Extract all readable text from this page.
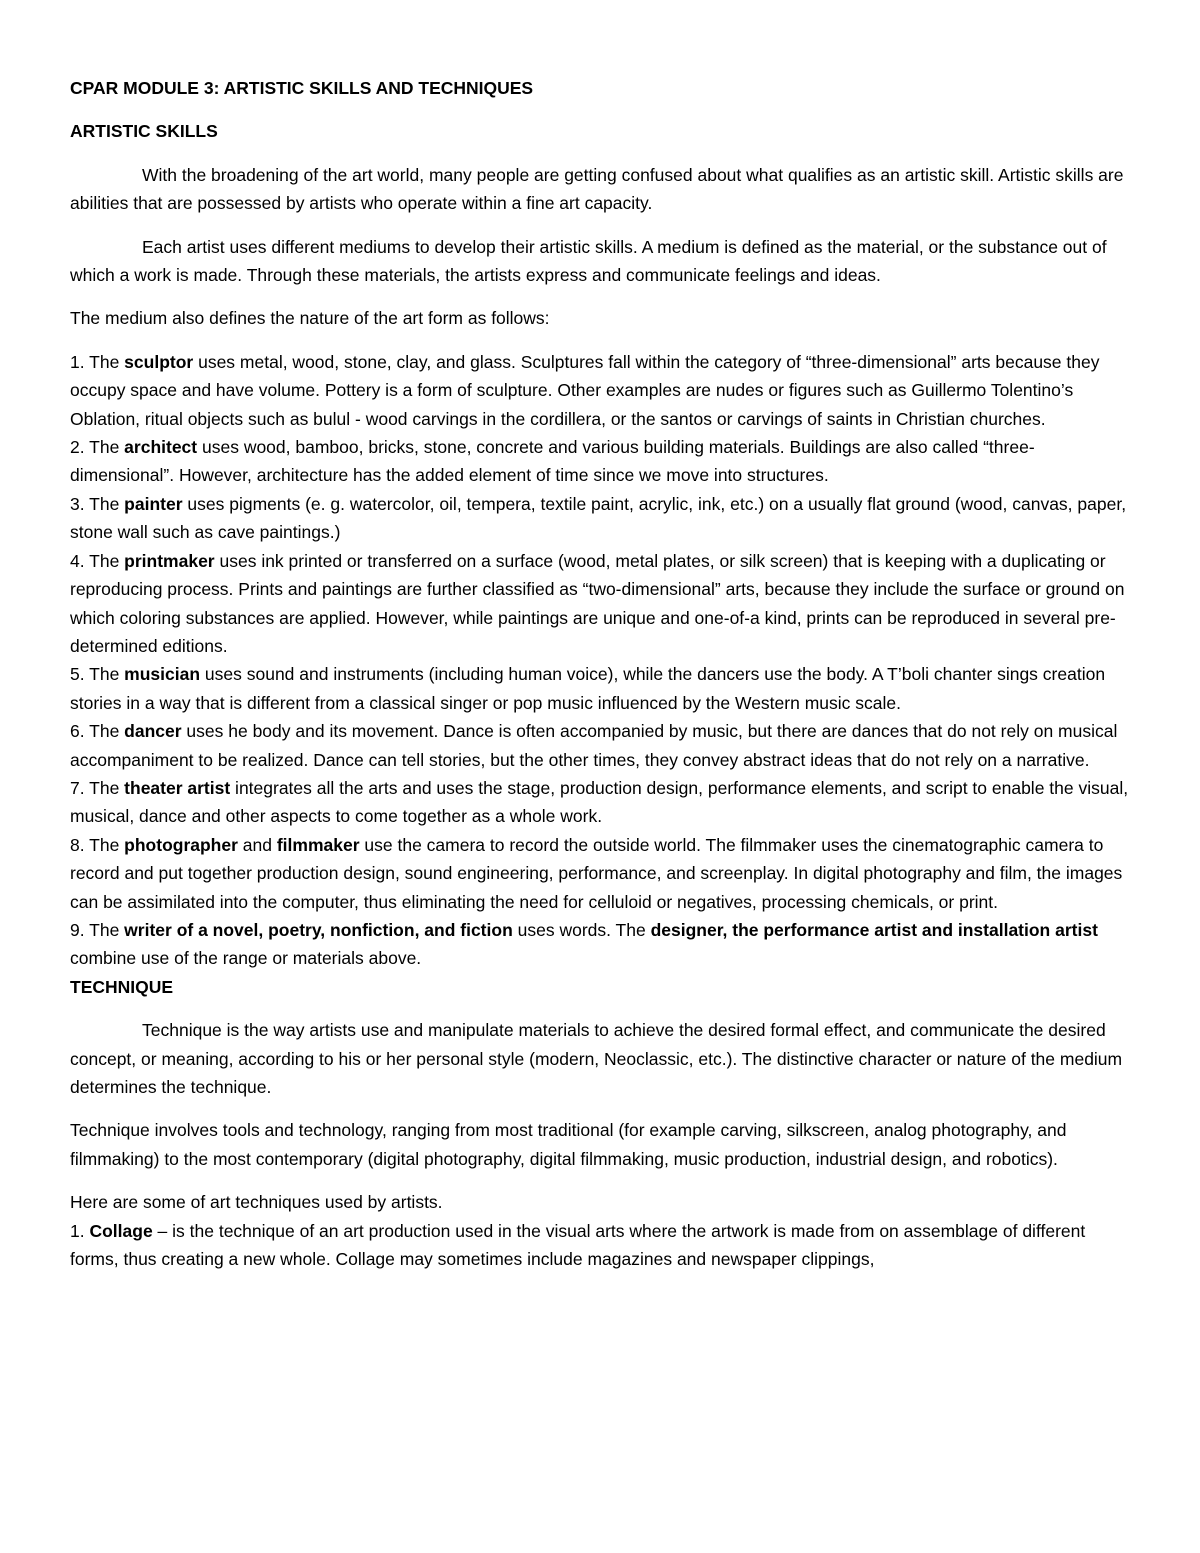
CPAR MODULE 3: ARTISTIC SKILLS AND TECHNIQUES

ARTISTIC SKILLS

With the broadening of the art world, many people are getting confused about what qualifies as an artistic skill. Artistic skills are abilities that are possessed by artists who operate within a fine art capacity.

Each artist uses different mediums to develop their artistic skills. A medium is defined as the material, or the substance out of which a work is made. Through these materials, the artists express and communicate feelings and ideas.

The medium also defines the nature of the art form as follows:

1. The sculptor uses metal, wood, stone, clay, and glass. Sculptures fall within the category of “three-dimensional” arts because they occupy space and have volume. Pottery is a form of sculpture. Other examples are nudes or figures such as Guillermo Tolentino’s Oblation, ritual objects such as bulul - wood carvings in the cordillera, or the santos or carvings of saints in Christian churches.

2. The architect uses wood, bamboo, bricks, stone, concrete and various building materials. Buildings are also called “three-dimensional”. However, architecture has the added element of time since we move into structures.

3. The painter uses pigments (e. g. watercolor, oil, tempera, textile paint, acrylic, ink, etc.) on a usually flat ground (wood, canvas, paper, stone wall such as cave paintings.)

4. The printmaker uses ink printed or transferred on a surface (wood, metal plates, or silk screen) that is keeping with a duplicating or reproducing process. Prints and paintings are further classified as “two-dimensional” arts, because they include the surface or ground on which coloring substances are applied. However, while paintings are unique and one-of-a kind, prints can be reproduced in several pre-determined editions.

5. The musician uses sound and instruments (including human voice), while the dancers use the body. A T’boli chanter sings creation stories in a way that is different from a classical singer or pop music influenced by the Western music scale.

6. The dancer uses he body and its movement. Dance is often accompanied by music, but there are dances that do not rely on musical accompaniment to be realized. Dance can tell stories, but the other times, they convey abstract ideas that do not rely on a narrative.

7. The theater artist integrates all the arts and uses the stage, production design, performance elements, and script to enable the visual, musical, dance and other aspects to come together as a whole work.

8. The photographer and filmmaker use the camera to record the outside world. The filmmaker uses the cinematographic camera to record and put together production design, sound engineering, performance, and screenplay. In digital photography and film, the images can be assimilated into the computer, thus eliminating the need for celluloid or negatives, processing chemicals, or print.

9. The writer of a novel, poetry, nonfiction, and fiction uses words. The designer, the performance artist and installation artist combine use of the range or materials above.

TECHNIQUE

Technique is the way artists use and manipulate materials to achieve the desired formal effect, and communicate the desired concept, or meaning, according to his or her personal style (modern, Neoclassic, etc.). The distinctive character or nature of the medium determines the technique.

Technique involves tools and technology, ranging from most traditional (for example carving, silkscreen, analog photography, and filmmaking) to the most contemporary (digital photography, digital filmmaking, music production, industrial design, and robotics).

Here are some of art techniques used by artists.

1. Collage – is the technique of an art production used in the visual arts where the artwork is made from on assemblage of different forms, thus creating a new whole. Collage may sometimes include magazines and newspaper clippings,
